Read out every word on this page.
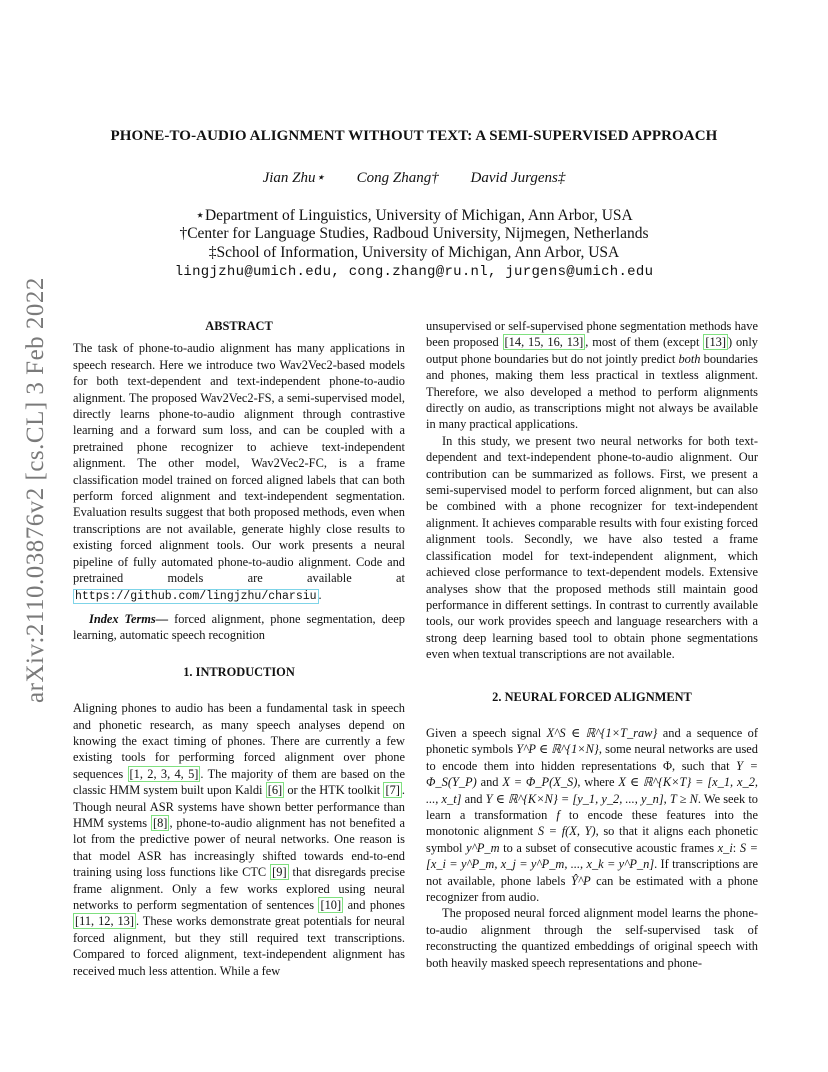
arXiv:2110.03876v2 [cs.CL] 3 Feb 2022
PHONE-TO-AUDIO ALIGNMENT WITHOUT TEXT: A SEMI-SUPERVISED APPROACH
Jian Zhu⋆ Cong Zhang† David Jurgens‡
⋆Department of Linguistics, University of Michigan, Ann Arbor, USA
†Center for Language Studies, Radboud University, Nijmegen, Netherlands
‡School of Information, University of Michigan, Ann Arbor, USA
lingjzhu@umich.edu, cong.zhang@ru.nl, jurgens@umich.edu

ABSTRACT

The task of phone-to-audio alignment has many applications in speech research. Here we introduce two Wav2Vec2-based models for both text-dependent and text-independent phone-to-audio alignment. The proposed Wav2Vec2-FS, a semi-supervised model, directly learns phone-to-audio alignment through contrastive learning and a forward sum loss, and can be coupled with a pretrained phone recognizer to achieve text-independent alignment. The other model, Wav2Vec2-FC, is a frame classification model trained on forced aligned labels that can both perform forced alignment and text-independent segmentation. Evaluation results suggest that both proposed methods, even when transcriptions are not available, generate highly close results to existing forced alignment tools. Our work presents a neural pipeline of fully automated phone-to-audio alignment. Code and pretrained models are available at https://github.com/lingjzhu/charsiu .

Index Terms— forced alignment, phone segmentation, deep learning, automatic speech recognition

1. INTRODUCTION

Aligning phones to audio has been a fundamental task in speech and phonetic research, as many speech analyses depend on knowing the exact timing of phones. There are currently a few existing tools for performing forced alignment over phone sequences [1, 2, 3, 4, 5] . The majority of them are based on the classic HMM system built upon Kaldi [6] or the HTK toolkit [7] . Though neural ASR systems have shown better performance than HMM systems [8] , phone-to-audio alignment has not benefited a lot from the predictive power of neural networks. One reason is that model ASR has increasingly shifted towards end-to-end training using loss functions like CTC [9] that disregards precise frame alignment. Only a few works explored using neural networks to perform segmentation of sentences [10] and phones [11, 12, 13] . These works demonstrate great potentials for neural forced alignment, but they still required text transcriptions. Compared to forced alignment, text-independent alignment has received much less attention. While a few

unsupervised or self-supervised phone segmentation methods have been proposed [14, 15, 16, 13] , most of them (except [13] ) only output phone boundaries but do not jointly predict both boundaries and phones, making them less practical in textless alignment. Therefore, we also developed a method to perform alignments directly on audio, as transcriptions might not always be available in many practical applications.

In this study, we present two neural networks for both text-dependent and text-independent phone-to-audio alignment. Our contribution can be summarized as follows. First, we present a semi-supervised model to perform forced alignment, but can also be combined with a phone recognizer for text-independent alignment. It achieves comparable results with four existing forced alignment tools. Secondly, we have also tested a frame classification model for text-independent alignment, which achieved close performance to text-dependent models. Extensive analyses show that the proposed methods still maintain good performance in different settings. In contrast to currently available tools, our work provides speech and language researchers with a strong deep learning based tool to obtain phone segmentations even when textual transcriptions are not available.

2. NEURAL FORCED ALIGNMENT

Given a speech signal X^S ∈ ℝ^{1×T_raw} and a sequence of phonetic symbols Y^P ∈ ℝ^{1×N}, some neural networks are used to encode them into hidden representations Φ, such that Y = Φ_S(Y_P) and X = Φ_P(X_S), where X ∈ ℝ^{K×T} = [x_1, x_2, ..., x_t] and Y ∈ ℝ^{K×N} = [y_1, y_2, ..., y_n], T ≥ N. We seek to learn a transformation f to encode these features into the monotonic alignment S = f(X, Y), so that it aligns each phonetic symbol y^P_m to a subset of consecutive acoustic frames x_i: S = [x_i = y^P_m, x_j = y^P_m, ..., x_k = y^P_n]. If transcriptions are not available, phone labels Ŷ^P can be estimated with a phone recognizer from audio.

The proposed neural forced alignment model learns the phone-to-audio alignment through the self-supervised task of reconstructing the quantized embeddings of original speech with both heavily masked speech representations and phone-
